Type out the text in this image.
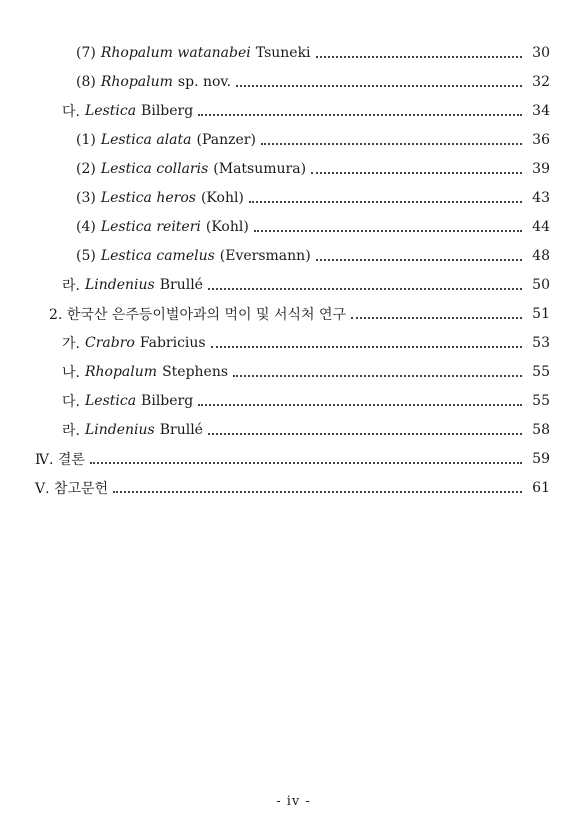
(7) Rhopalum watanabei Tsuneki	30
(8) Rhopalum sp. nov.	32
다. Lestica Bilberg	34
(1) Lestica alata (Panzer)	36
(2) Lestica collaris (Matsumura)	39
(3) Lestica heros (Kohl)	43
(4) Lestica reiteri (Kohl)	44
(5) Lestica camelus (Eversmann)	48
라. Lindenius Brullé	50
2. 한국산 은주등이벌아과의 먹이 및 서식처 연구	51
가. Crabro Fabricius	53
나. Rhopalum Stephens	55
다. Lestica Bilberg	55
라. Lindenius Brullé	58
Ⅳ. 결론	59
Ⅴ. 참고문헌	61
- iv -
